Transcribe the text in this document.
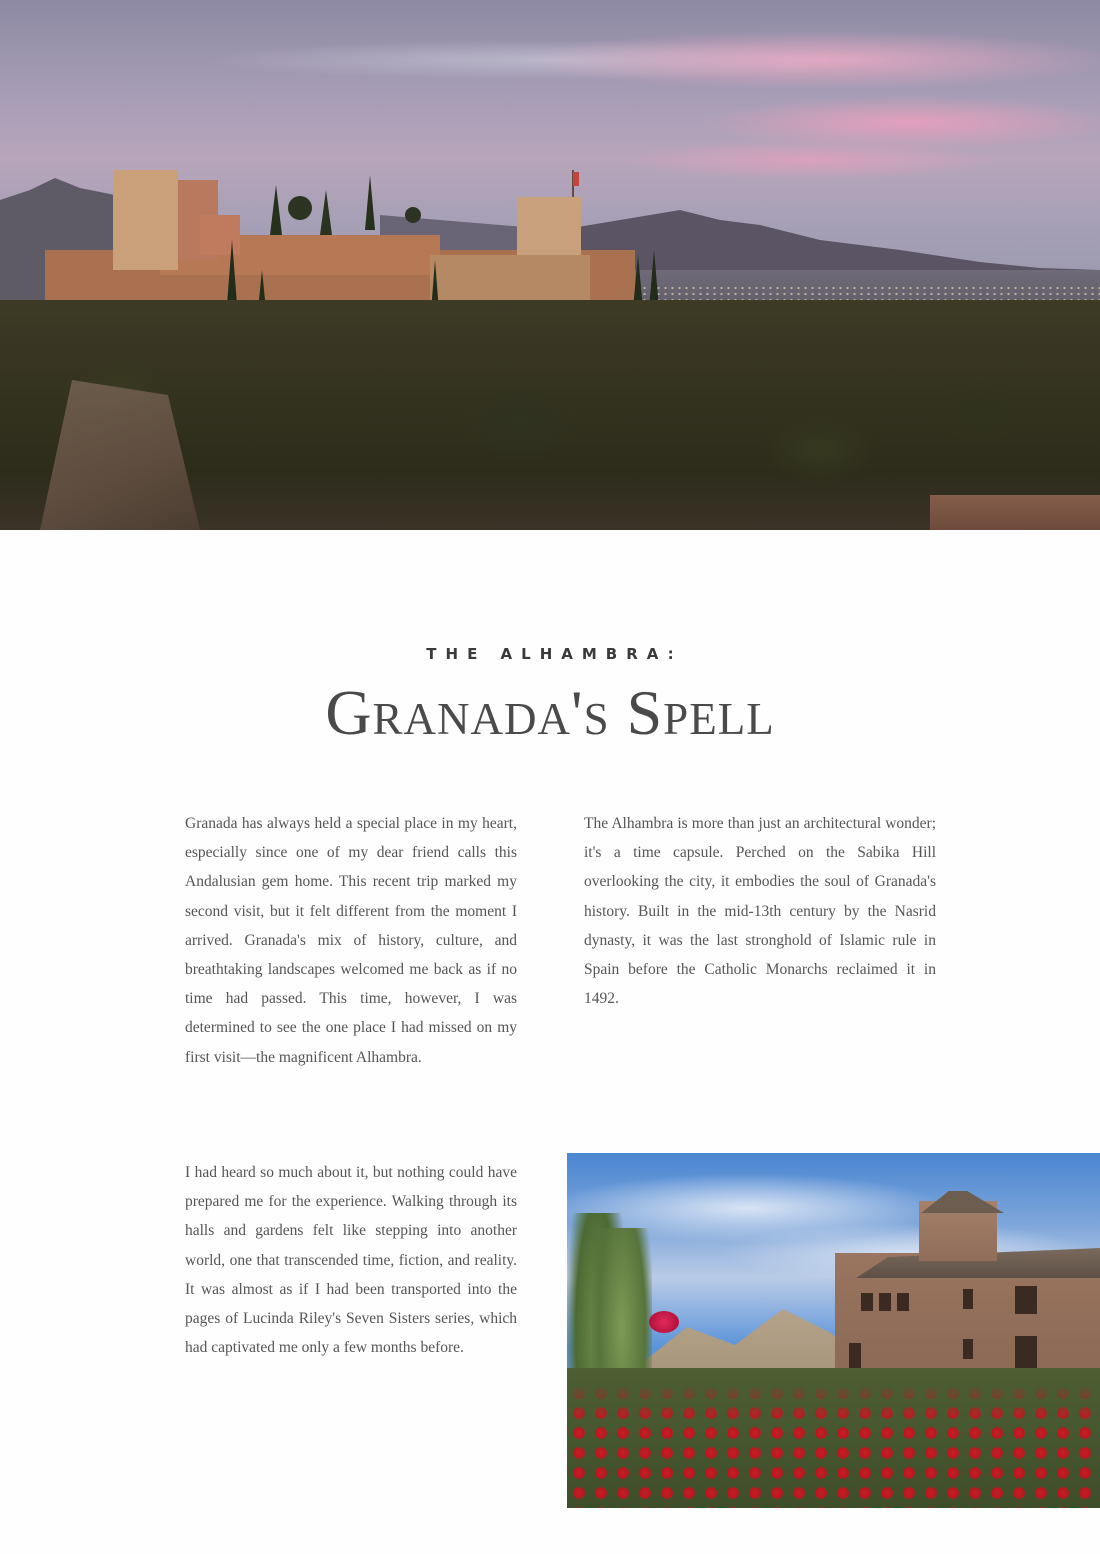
THE ALHAMBRA:
Granada's Spell

Granada has always held a special place in my heart, especially since one of my dear friend calls this Andalusian gem home. This recent trip marked my second visit, but it felt different from the moment I arrived. Granada's mix of history, culture, and breathtaking landscapes welcomed me back as if no time had passed. This time, however, I was determined to see the one place I had missed on my first visit—the magnificent Alhambra.

The Alhambra is more than just an architectural wonder; it's a time capsule. Perched on the Sabika Hill overlooking the city, it embodies the soul of Granada's history. Built in the mid-13th century by the Nasrid dynasty, it was the last stronghold of Islamic rule in Spain before the Catholic Monarchs reclaimed it in 1492.

I had heard so much about it, but nothing could have prepared me for the experience. Walking through its halls and gardens felt like stepping into another world, one that transcended time, fiction, and reality. It was almost as if I had been transported into the pages of Lucinda Riley's Seven Sisters series, which had captivated me only a few months before.
